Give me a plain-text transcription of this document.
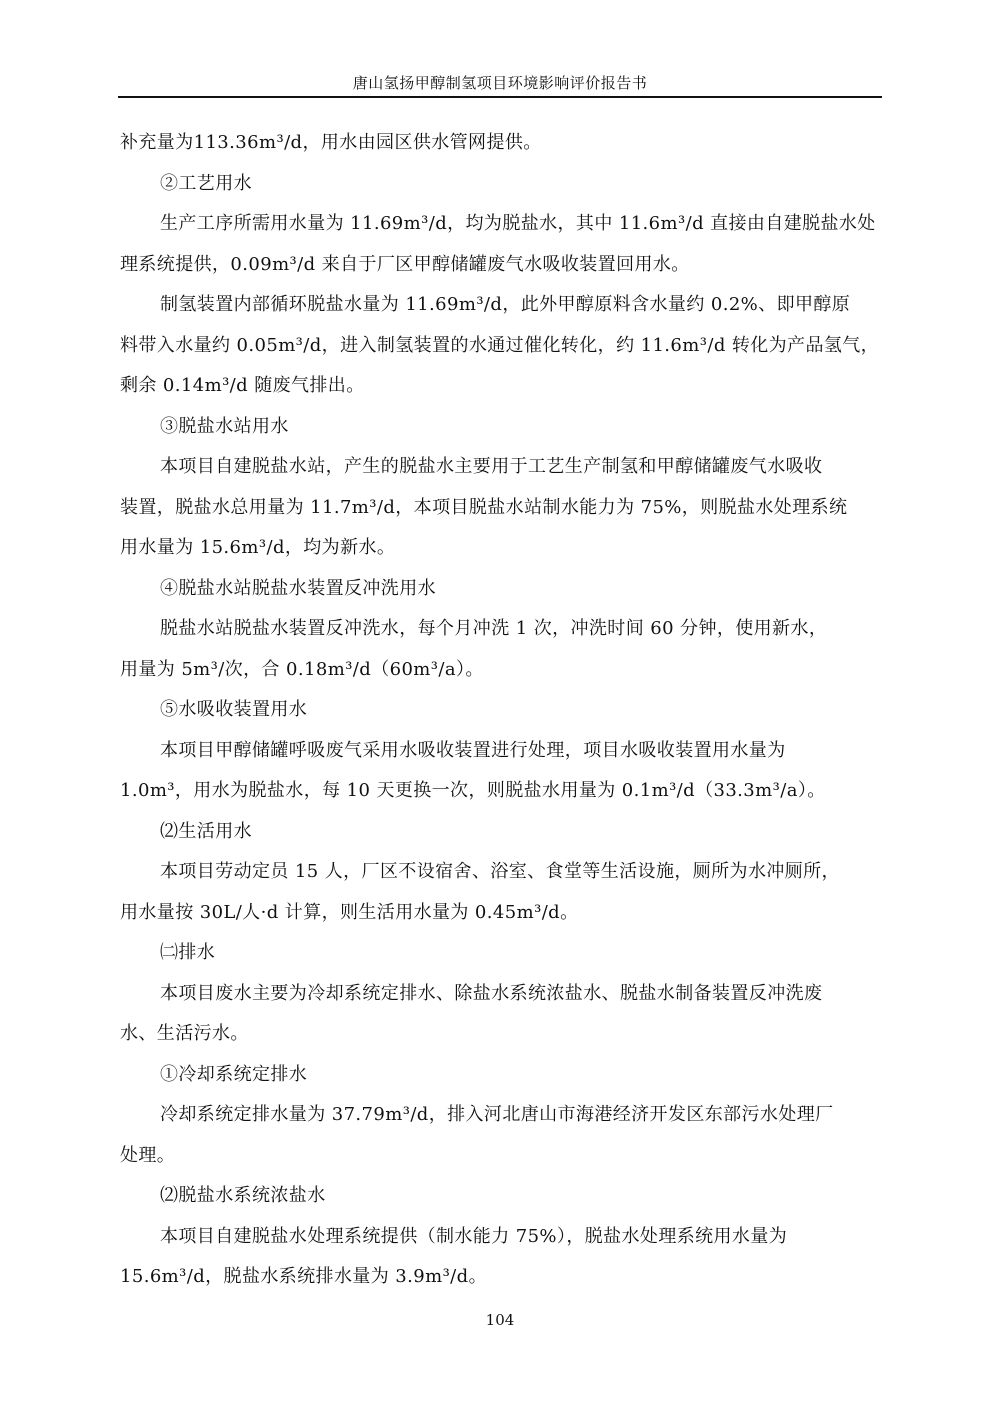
唐山氢扬甲醇制氢项目环境影响评价报告书

补充量为113.36m³/d，用水由园区供水管网提供。

②工艺用水

生产工序所需用水量为 11.69m³/d，均为脱盐水，其中 11.6m³/d 直接由自建脱盐水处

理系统提供，0.09m³/d 来自于厂区甲醇储罐废气水吸收装置回用水。

制氢装置内部循环脱盐水量为 11.69m³/d，此外甲醇原料含水量约 0.2%、即甲醇原

料带入水量约 0.05m³/d，进入制氢装置的水通过催化转化，约 11.6m³/d 转化为产品氢气，

剩余 0.14m³/d 随废气排出。

③脱盐水站用水

本项目自建脱盐水站，产生的脱盐水主要用于工艺生产制氢和甲醇储罐废气水吸收

装置，脱盐水总用量为 11.7m³/d，本项目脱盐水站制水能力为 75%，则脱盐水处理系统

用水量为 15.6m³/d，均为新水。

④脱盐水站脱盐水装置反冲洗用水

脱盐水站脱盐水装置反冲洗水，每个月冲洗 1 次，冲洗时间 60 分钟，使用新水，

用量为 5m³/次，合 0.18m³/d（60m³/a）。

⑤水吸收装置用水

本项目甲醇储罐呼吸废气采用水吸收装置进行处理，项目水吸收装置用水量为

1.0m³，用水为脱盐水，每 10 天更换一次，则脱盐水用量为 0.1m³/d（33.3m³/a）。

⑵生活用水

本项目劳动定员 15 人，厂区不设宿舍、浴室、食堂等生活设施，厕所为水冲厕所，

用水量按 30L/人·d 计算，则生活用水量为 0.45m³/d。

㈡排水

本项目废水主要为冷却系统定排水、除盐水系统浓盐水、脱盐水制备装置反冲洗废

水、生活污水。

①冷却系统定排水

冷却系统定排水量为 37.79m³/d，排入河北唐山市海港经济开发区东部污水处理厂

处理。

⑵脱盐水系统浓盐水

本项目自建脱盐水处理系统提供（制水能力 75%），脱盐水处理系统用水量为

15.6m³/d，脱盐水系统排水量为 3.9m³/d。

104
